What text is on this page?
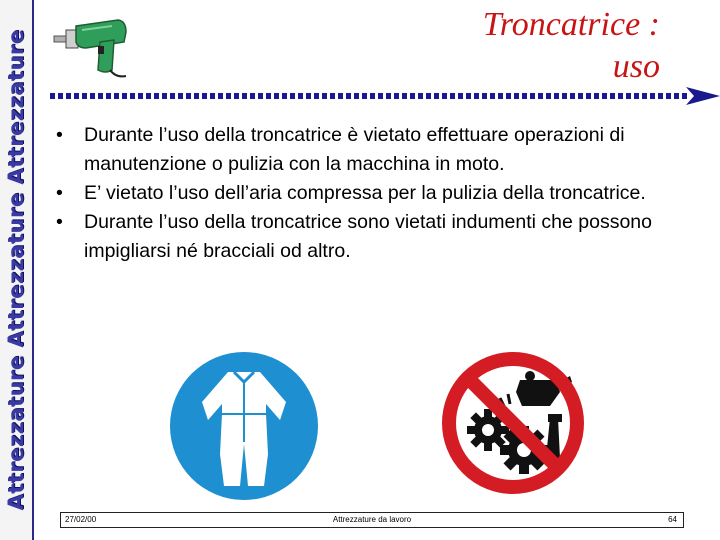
Attrezzature Attrezzature Attrezzature
Troncatrice :
uso
• Durante l’uso della troncatrice è vietato effettuare operazioni di manutenzione o pulizia con la macchina in moto.
• E’ vietato l’uso dell’aria compressa per la pulizia della troncatrice.
• Durante l’uso della troncatrice sono vietati indumenti che possono impigliarsi né bracciali od altro.
27/02/00	Attrezzature da lavoro	64
